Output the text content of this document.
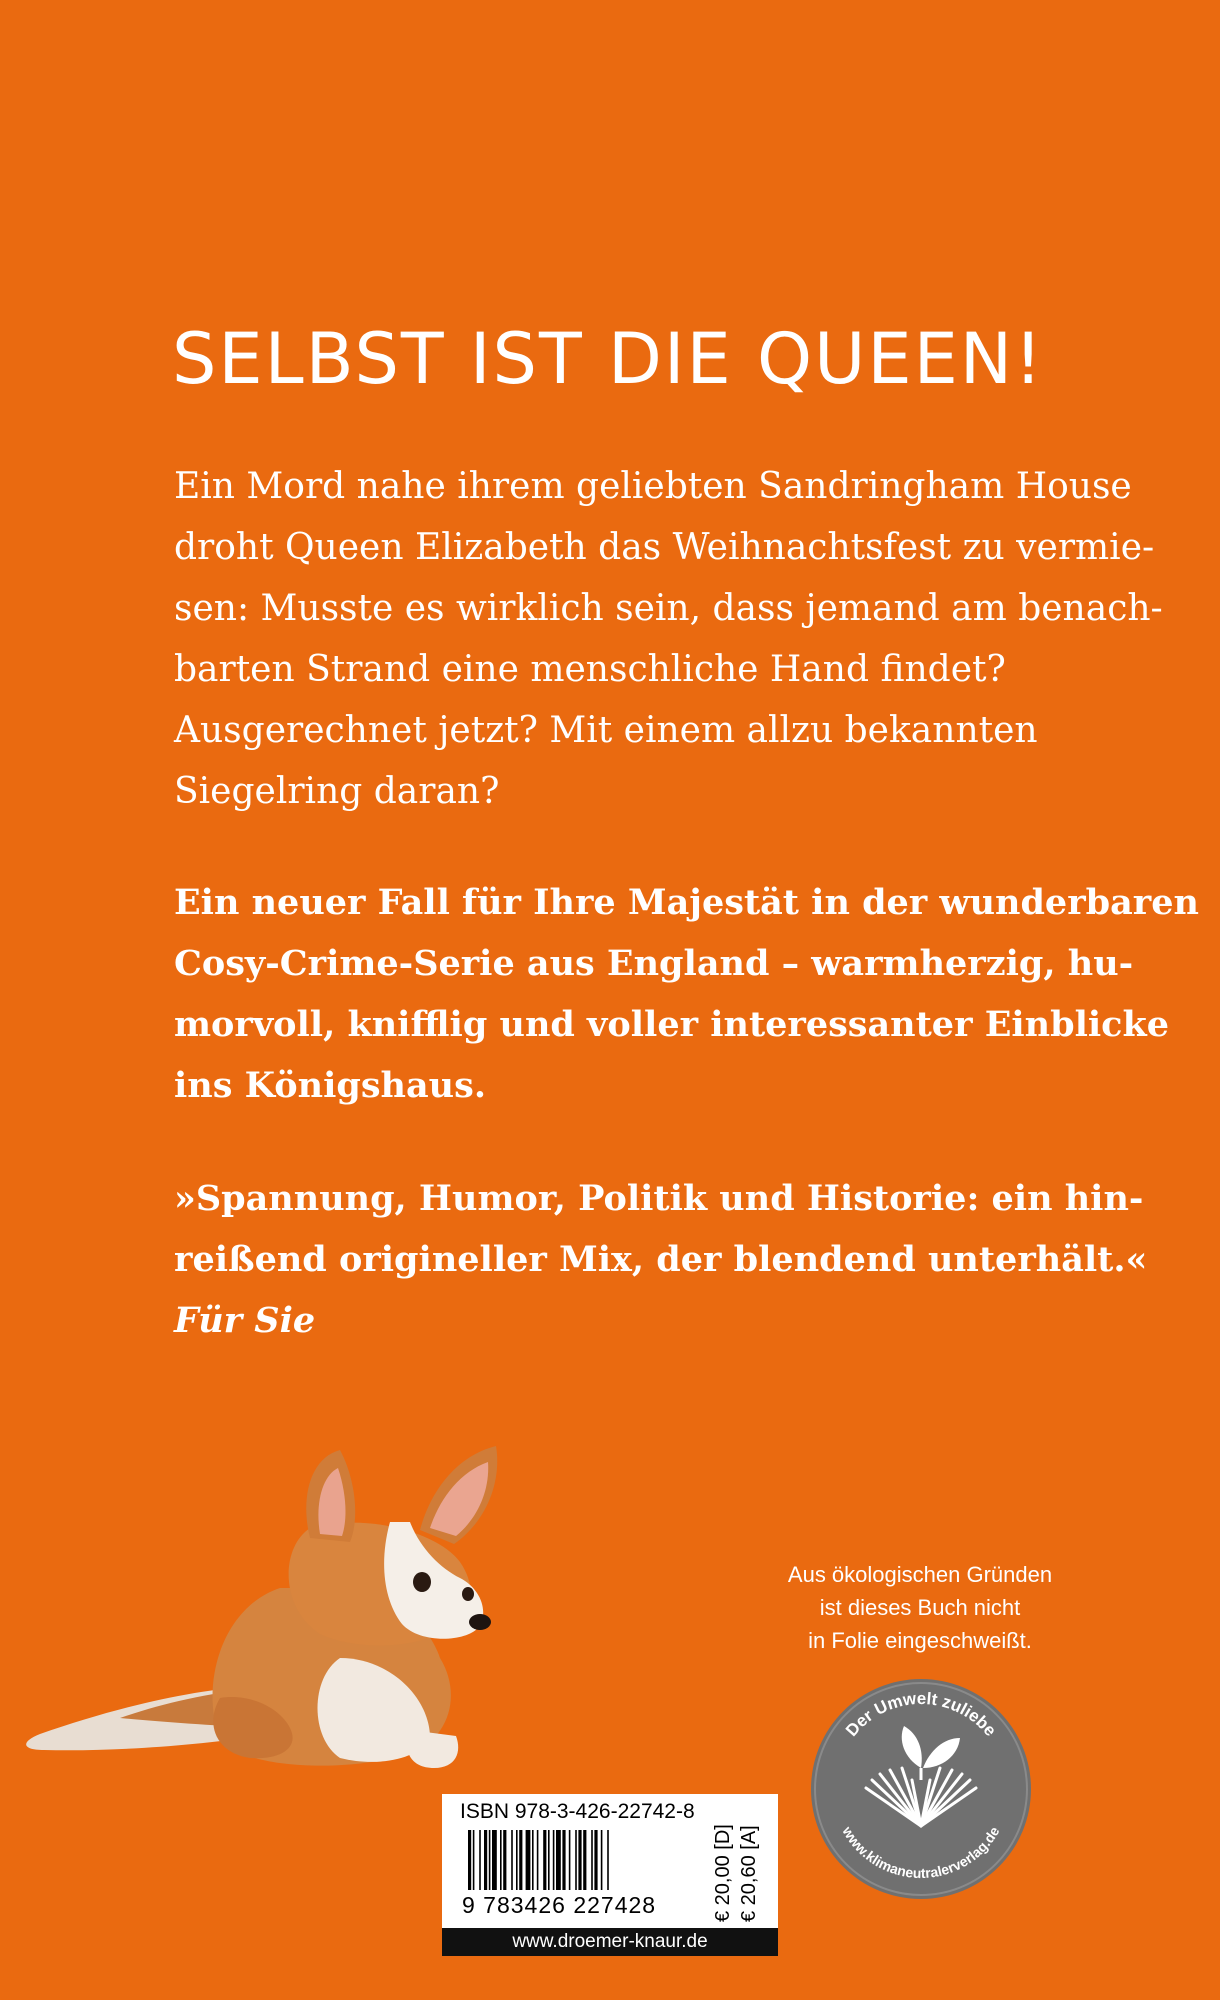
SELBST IST DIE QUEEN!

Ein Mord nahe ihrem geliebten Sandringham House
droht Queen Elizabeth das Weihnachtsfest zu vermie-
sen: Musste es wirklich sein, dass jemand am benach-
barten Strand eine menschliche Hand findet?
Ausgerechnet jetzt? Mit einem allzu bekannten
Siegelring daran?

Ein neuer Fall für Ihre Majestät in der wunderbaren
Cosy-Crime-Serie aus England – warmherzig, hu-
morvoll, knifflig und voller interessanter Einblicke
ins Königshaus.

»Spannung, Humor, Politik und Historie: ein hin-
reißend origineller Mix, der blendend unterhält.«
Für Sie

Aus ökologischen Gründen
ist dieses Buch nicht
in Folie eingeschweißt.
Der Umwelt zuliebe
www.klimaneutralerverlag.de
ISBN 978-3-426-22742-8
9 783426 227428	€ 20,00 [D] € 20,60 [A]
www.droemer-knaur.de
